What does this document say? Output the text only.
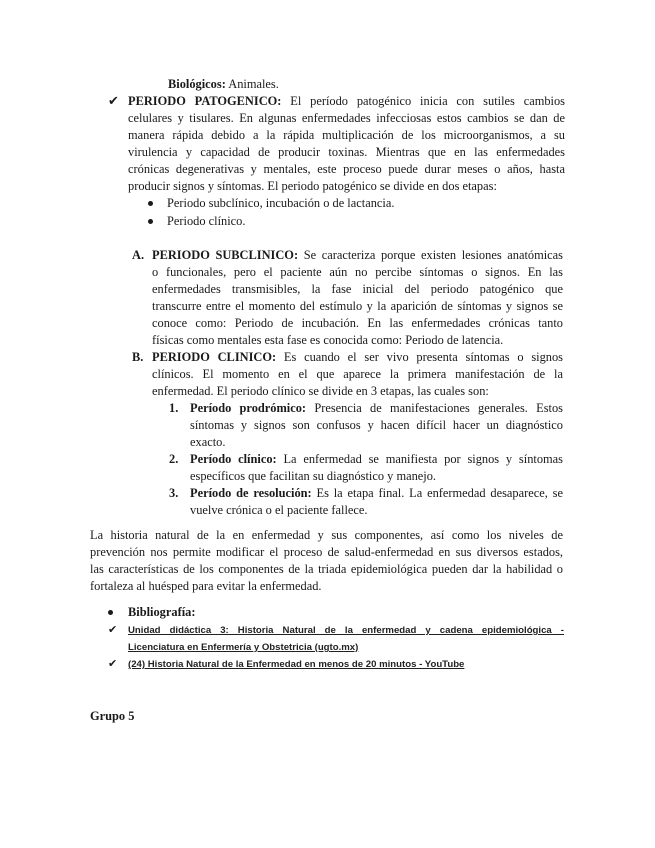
Biológicos: Animales.
✔ PERIODO PATOGENICO: El período patogénico inicia con sutiles cambios
celulares y tisulares. En algunas enfermedades infecciosas estos cambios se dan de
manera rápida debido a la rápida multiplicación de los microorganismos, a su
virulencia y capacidad de producir toxinas. Mientras que en las enfermedades
crónicas degenerativas y mentales, este proceso puede durar meses o años, hasta
producir signos y síntomas. El periodo patogénico se divide en dos etapas:
Periodo subclínico, incubación o de lactancia.
Periodo clínico.
A. PERIODO SUBCLINICO: Se caracteriza porque existen lesiones anatómicas
o funcionales, pero el paciente aún no percibe síntomas o signos. En las
enfermedades transmisibles, la fase inicial del periodo patogénico que
transcurre entre el momento del estímulo y la aparición de síntomas y signos se
conoce como: Periodo de incubación. En las enfermedades crónicas tanto
físicas como mentales esta fase es conocida como: Periodo de latencia.
B. PERIODO CLINICO: Es cuando el ser vivo presenta síntomas o signos
clínicos. El momento en el que aparece la primera manifestación de la
enfermedad. El periodo clínico se divide en 3 etapas, las cuales son:
1. Período prodrómico: Presencia de manifestaciones generales. Estos
síntomas y signos son confusos y hacen difícil hacer un diagnóstico
exacto.
2. Período clínico: La enfermedad se manifiesta por signos y síntomas
específicos que facilitan su diagnóstico y manejo.
3. Período de resolución: Es la etapa final. La enfermedad desaparece, se
vuelve crónica o el paciente fallece.
La historia natural de la en enfermedad y sus componentes, así como los niveles de
prevención nos permite modificar el proceso de salud-enfermedad en sus diversos estados,
las características de los componentes de la triada epidemiológica pueden dar la habilidad o
fortaleza al huésped para evitar la enfermedad.
Bibliografía:
✔ Unidad didáctica 3: Historia Natural de la enfermedad y cadena epidemiológica -
Licenciatura en Enfermería y Obstetricia (ugto.mx)
✔ (24) Historia Natural de la Enfermedad en menos de 20 minutos - YouTube
Grupo 5
